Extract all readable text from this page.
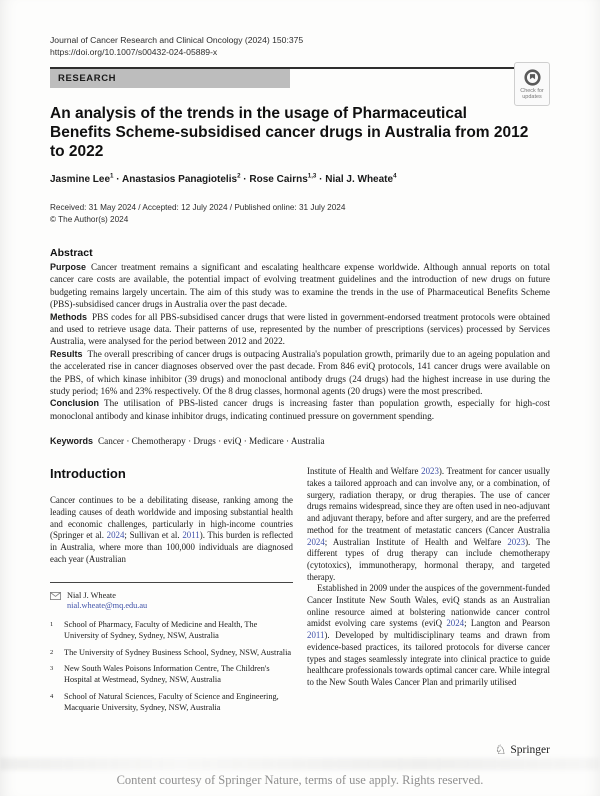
Journal of Cancer Research and Clinical Oncology (2024) 150:375
https://doi.org/10.1007/s00432-024-05889-x
RESEARCH
Check for
updates
An analysis of the trends in the usage of Pharmaceutical Benefits Scheme-subsidised cancer drugs in Australia from 2012 to 2022
Jasmine Lee$^1$ · Anastasios Panagiotelis$^2$ · Rose Cairns$^{1,3}$ · Nial J. Wheate$^4$
Received: 31 May 2024 / Accepted: 12 July 2024 / Published online: 31 July 2024
© The Author(s) 2024
Abstract
Purpose Cancer treatment remains a significant and escalating healthcare expense worldwide. Although annual reports on total cancer care costs are available, the potential impact of evolving treatment guidelines and the introduction of new drugs on future budgeting remains largely uncertain. The aim of this study was to examine the trends in the use of Pharmaceutical Benefits Scheme (PBS)-subsidised cancer drugs in Australia over the past decade.
Methods PBS codes for all PBS-subsidised cancer drugs that were listed in government-endorsed treatment protocols were obtained and used to retrieve usage data. Their patterns of use, represented by the number of prescriptions (services) processed by Services Australia, were analysed for the period between 2012 and 2022.
Results The overall prescribing of cancer drugs is outpacing Australia's population growth, primarily due to an ageing population and the accelerated rise in cancer diagnoses observed over the past decade. From 846 eviQ protocols, 141 cancer drugs were available on the PBS, of which kinase inhibitor (39 drugs) and monoclonal antibody drugs (24 drugs) had the highest increase in use during the study period; 16% and 23% respectively. Of the 8 drug classes, hormonal agents (20 drugs) were the most prescribed.
Conclusion The utilisation of PBS-listed cancer drugs is increasing faster than population growth, especially for high-cost monoclonal antibody and kinase inhibitor drugs, indicating continued pressure on government spending.
Keywords Cancer · Chemotherapy · Drugs · eviQ · Medicare · Australia
Introduction

Cancer continues to be a debilitating disease, ranking among the leading causes of death worldwide and imposing substantial health and economic challenges, particularly in high-income countries (Springer et al. 2024; Sullivan et al. 2011). This burden is reflected in Australia, where more than 100,000 individuals are diagnosed each year (Australian

Nial J. Wheate
nial.wheate@mq.edu.au
1	School of Pharmacy, Faculty of Medicine and Health, The University of Sydney, Sydney, NSW, Australia
2	The University of Sydney Business School, Sydney, NSW, Australia
3	New South Wales Poisons Information Centre, The Children's Hospital at Westmead, Sydney, NSW, Australia
4	School of Natural Sciences, Faculty of Science and Engineering, Macquarie University, Sydney, NSW, Australia

Institute of Health and Welfare 2023). Treatment for cancer usually takes a tailored approach and can involve any, or a combination, of surgery, radiation therapy, or drug therapies. The use of cancer drugs remains widespread, since they are often used in neo-adjuvant and adjuvant therapy, before and after surgery, and are the preferred method for the treatment of metastatic cancers (Cancer Australia 2024; Australian Institute of Health and Welfare 2023). The different types of drug therapy can include chemotherapy (cytotoxics), immunotherapy, hormonal therapy, and targeted therapy.

Established in 2009 under the auspices of the government-funded Cancer Institute New South Wales, eviQ stands as an Australian online resource aimed at bolstering nationwide cancer control amidst evolving care systems (eviQ 2024; Langton and Pearson 2011). Developed by multidisciplinary teams and drawn from evidence-based practices, its tailored protocols for diverse cancer types and stages seamlessly integrate into clinical practice to guide healthcare professionals towards optimal cancer care. While integral to the New South Wales Cancer Plan and primarily utilised

♘ Springer
Content courtesy of Springer Nature, terms of use apply. Rights reserved.
